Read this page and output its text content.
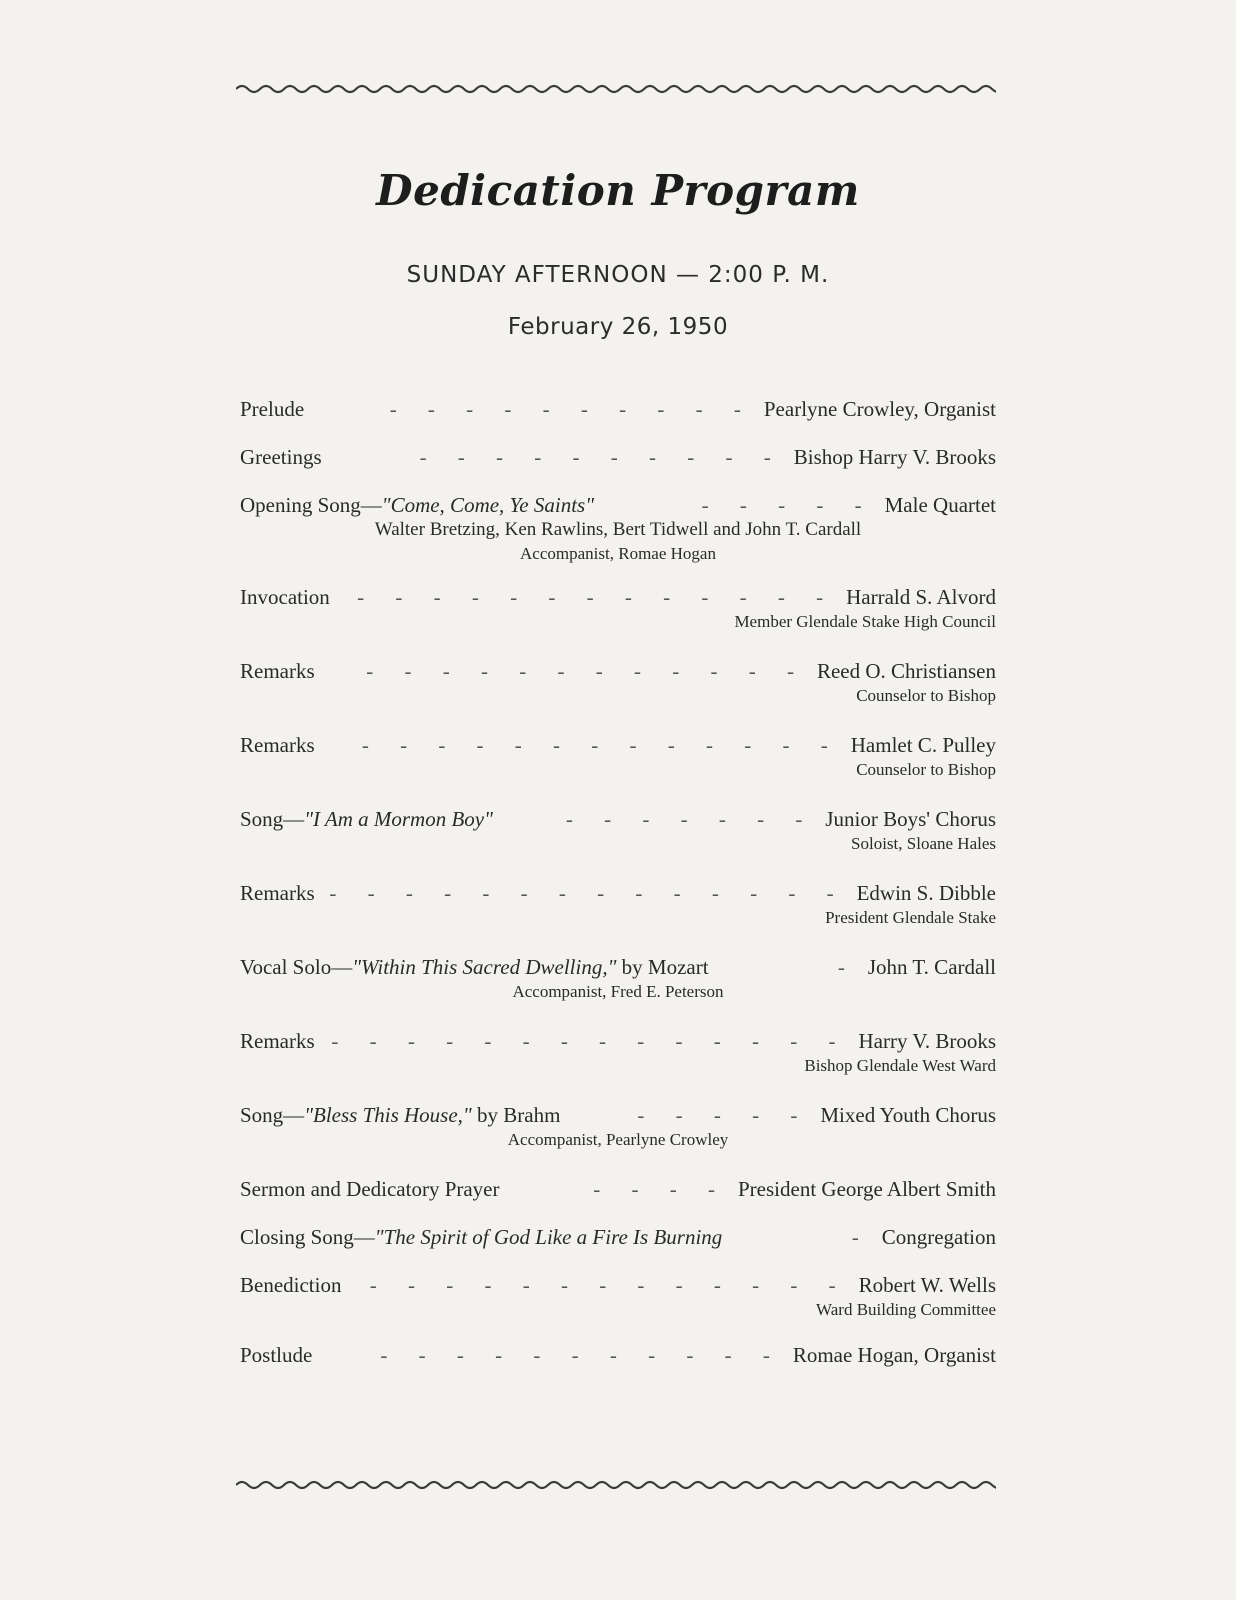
Dedication Program
SUNDAY AFTERNOON — 2:00 P. M.
February 26, 1950
Prelude	- - - - - - - - - - Pearlyne Crowley, Organist
Greetings	- - - - - - - - - - Bishop Harry V. Brooks
Opening Song—"Come, Come, Ye Saints"	- - - - - Male Quartet
Walter Bretzing, Ken Rawlins, Bert Tidwell and John T. Cardall
Accompanist, Romae Hogan
Invocation	- - - - - - - - - - - - - Harrald S. Alvord
Member Glendale Stake High Council
Remarks	- - - - - - - - - - - - Reed O. Christiansen
Counselor to Bishop
Remarks	- - - - - - - - - - - - - Hamlet C. Pulley
Counselor to Bishop
Song—"I Am a Mormon Boy"	- - - - - - - Junior Boys' Chorus
Soloist, Sloane Hales
Remarks - - - - - - - - - - - - - - Edwin S. Dibble
President Glendale Stake
Vocal Solo—"Within This Sacred Dwelling," by Mozart	- John T. Cardall
Accompanist, Fred E. Peterson
Remarks - - - - - - - - - - - - - - Harry V. Brooks
Bishop Glendale West Ward
Song—"Bless This House," by Brahm	- - - - - Mixed Youth Chorus
Accompanist, Pearlyne Crowley
Sermon and Dedicatory Prayer	- - - - President George Albert Smith
Closing Song—"The Spirit of God Like a Fire Is Burning	- Congregation
Benediction	- - - - - - - - - - - - - Robert W. Wells
Ward Building Committee
Postlude	- - - - - - - - - - - Romae Hogan, Organist
